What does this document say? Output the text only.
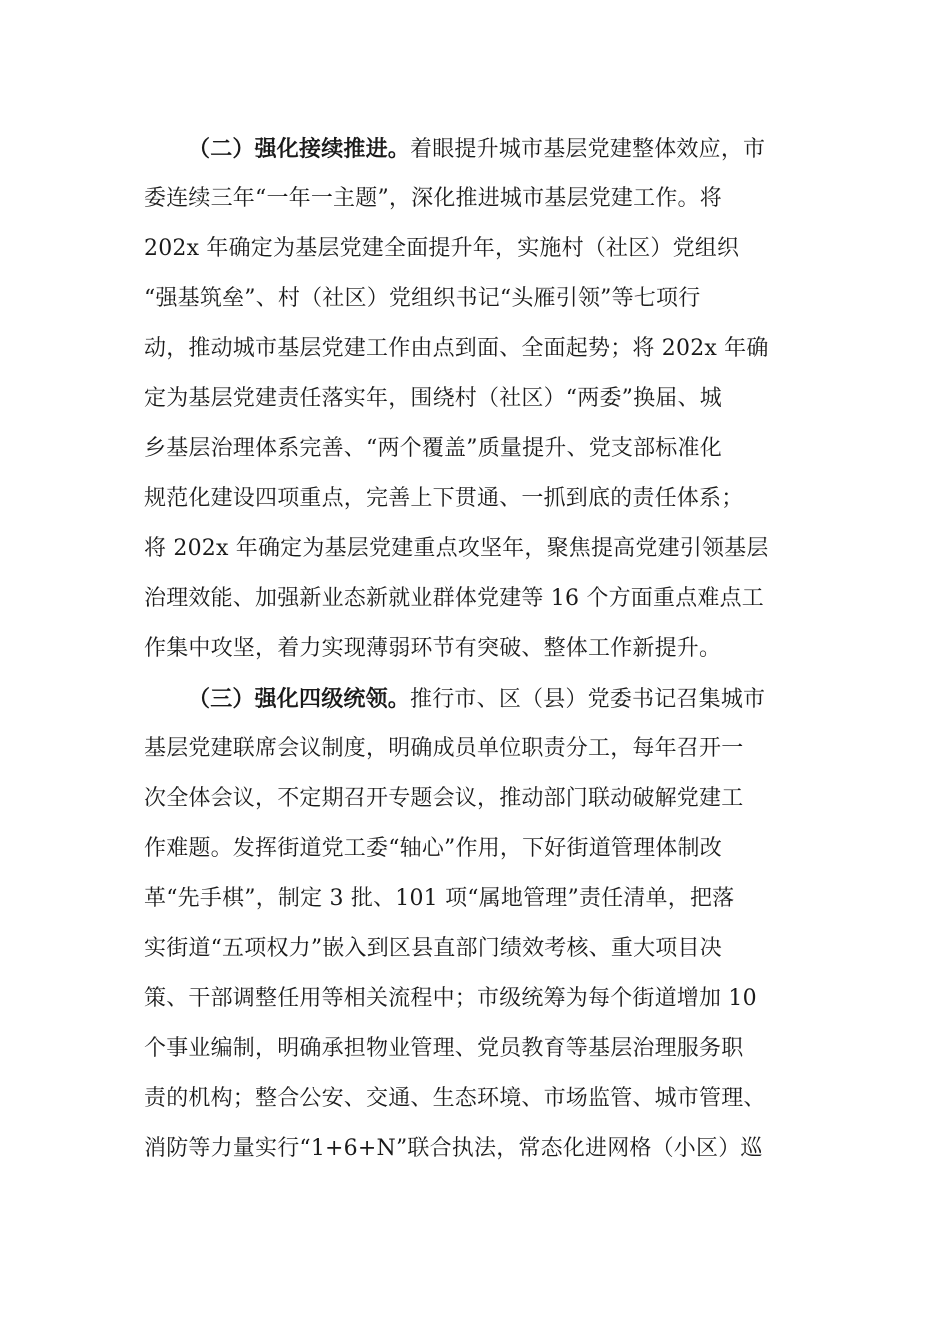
（二）强化接续推进。着眼提升城市基层党建整体效应，市
委连续三年“一年一主题”，深化推进城市基层党建工作。将
202x 年确定为基层党建全面提升年，实施村（社区）党组织
“强基筑垒”、村（社区）党组织书记“头雁引领”等七项行
动，推动城市基层党建工作由点到面、全面起势；将 202x 年确
定为基层党建责任落实年，围绕村（社区）“两委”换届、城
乡基层治理体系完善、“两个覆盖”质量提升、党支部标准化
规范化建设四项重点，完善上下贯通、一抓到底的责任体系；
将 202x 年确定为基层党建重点攻坚年，聚焦提高党建引领基层
治理效能、加强新业态新就业群体党建等 16 个方面重点难点工
作集中攻坚，着力实现薄弱环节有突破、整体工作新提升。
（三）强化四级统领。推行市、区（县）党委书记召集城市
基层党建联席会议制度，明确成员单位职责分工，每年召开一
次全体会议，不定期召开专题会议，推动部门联动破解党建工
作难题。发挥街道党工委“轴心”作用，下好街道管理体制改
革“先手棋”，制定 3 批、101 项“属地管理”责任清单，把落
实街道“五项权力”嵌入到区县直部门绩效考核、重大项目决
策、干部调整任用等相关流程中；市级统筹为每个街道增加 10
个事业编制，明确承担物业管理、党员教育等基层治理服务职
责的机构；整合公安、交通、生态环境、市场监管、城市管理、
消防等力量实行“1+6+N”联合执法，常态化进网格（小区）巡
